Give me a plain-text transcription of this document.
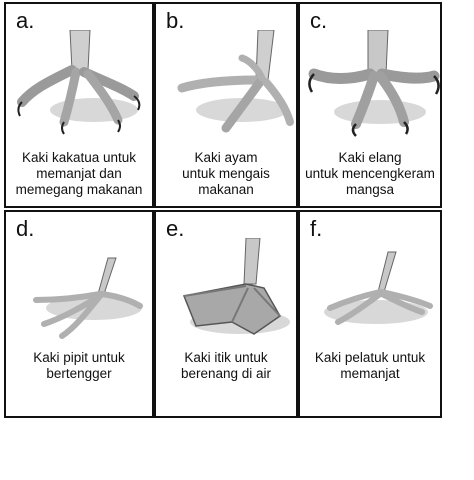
a.
Kaki kakatua untuk
memanjat dan
memegang makanan
b.
Kaki ayam
untuk mengais
makanan
c.
Kaki elang
untuk mencengkeram
mangsa
d.
Kaki pipit untuk
bertengger
e.
Kaki itik untuk
berenang di air
f.
Kaki pelatuk untuk
memanjat
